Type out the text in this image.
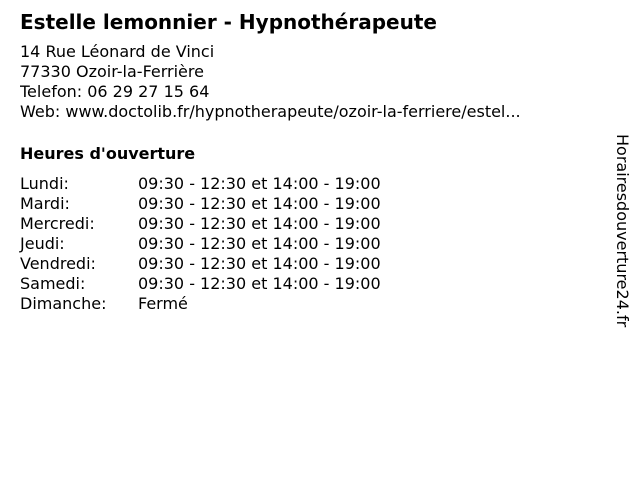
Estelle lemonnier - Hypnothérapeute
14 Rue Léonard de Vinci
77330 Ozoir-la-Ferrière
Telefon: 06 29 27 15 64
Web: www.doctolib.fr/hypnotherapeute/ozoir-la-ferriere/estel...
Heures d'ouverture
Lundi:	09:30 - 12:30 et 14:00 - 19:00
Mardi:	09:30 - 12:30 et 14:00 - 19:00
Mercredi:	09:30 - 12:30 et 14:00 - 19:00
Jeudi:	09:30 - 12:30 et 14:00 - 19:00
Vendredi:	09:30 - 12:30 et 14:00 - 19:00
Samedi:	09:30 - 12:30 et 14:00 - 19:00
Dimanche:	Fermé	Horairesdouverture24.fr
